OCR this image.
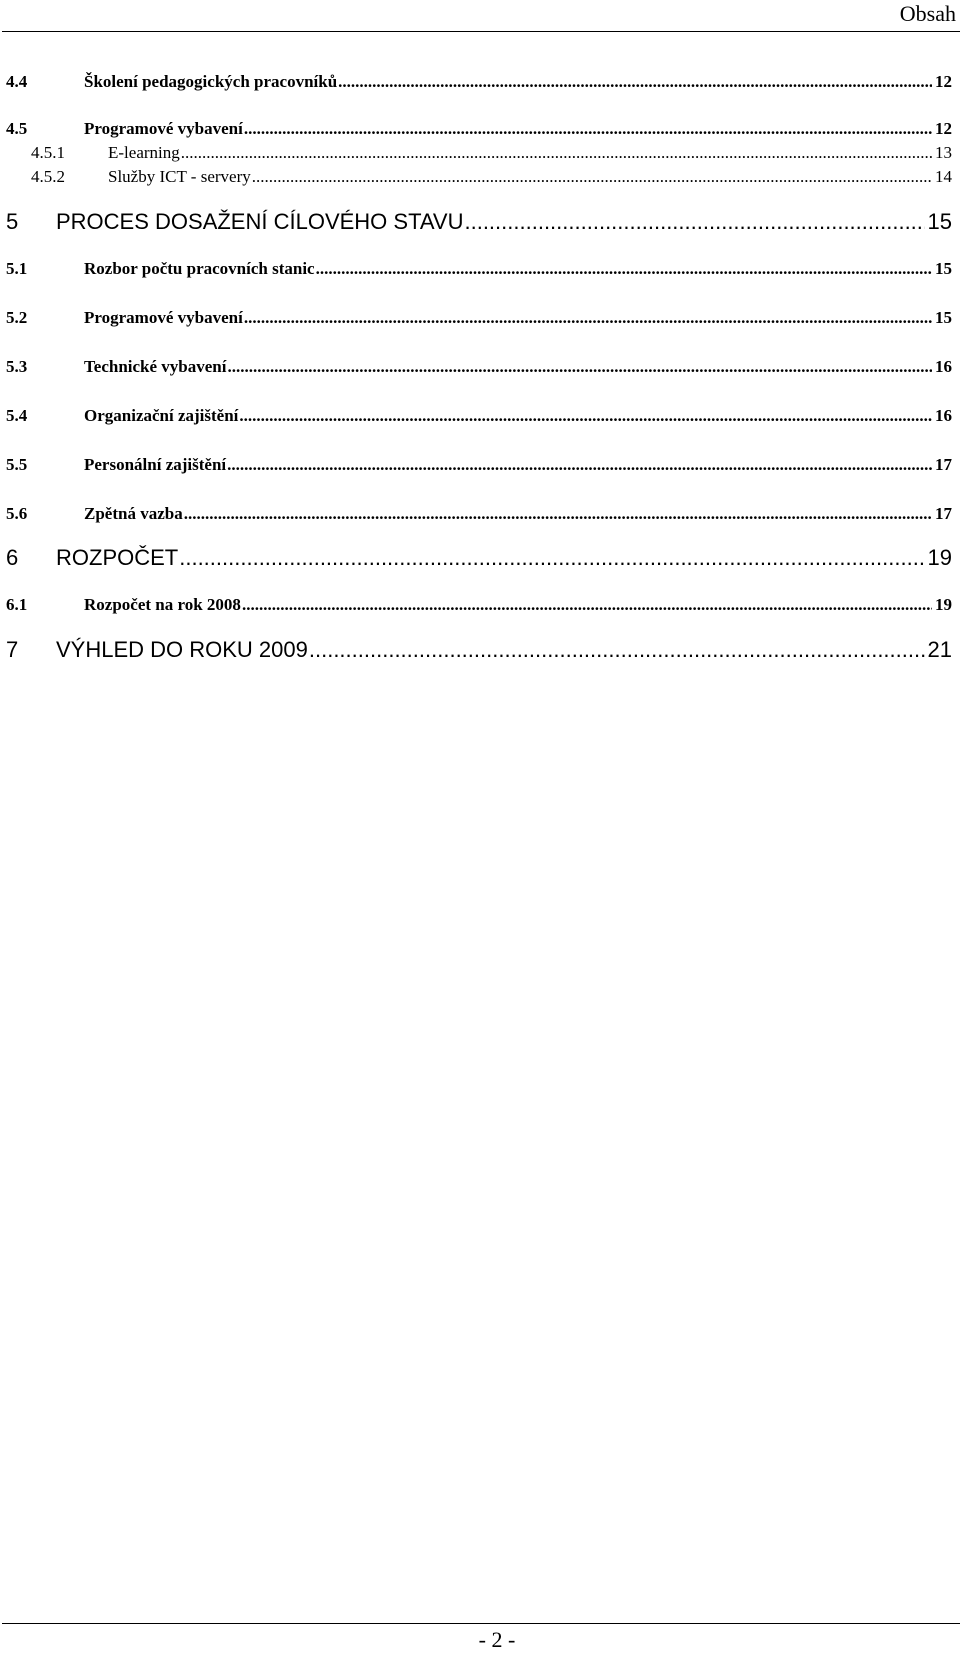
Obsah
4.4	Školení pedagogických pracovníků .....	12
4.5	Programové vybavení .....	12
4.5.1	E-learning .....	13
4.5.2	Služby ICT - servery .....	14
5	PROCES DOSAŽENÍ CÍLOVÉHO STAVU .....	15
5.1	Rozbor počtu pracovních stanic .....	15
5.2	Programové vybavení .....	15
5.3	Technické vybavení .....	16
5.4	Organizační zajištění .....	16
5.5	Personální zajištění .....	17
5.6	Zpětná vazba .....	17
6	ROZPOČET .....	19
6.1	Rozpočet na rok 2008 .....	19
7	VÝHLED DO ROKU 2009 .....	21
- 2 -
